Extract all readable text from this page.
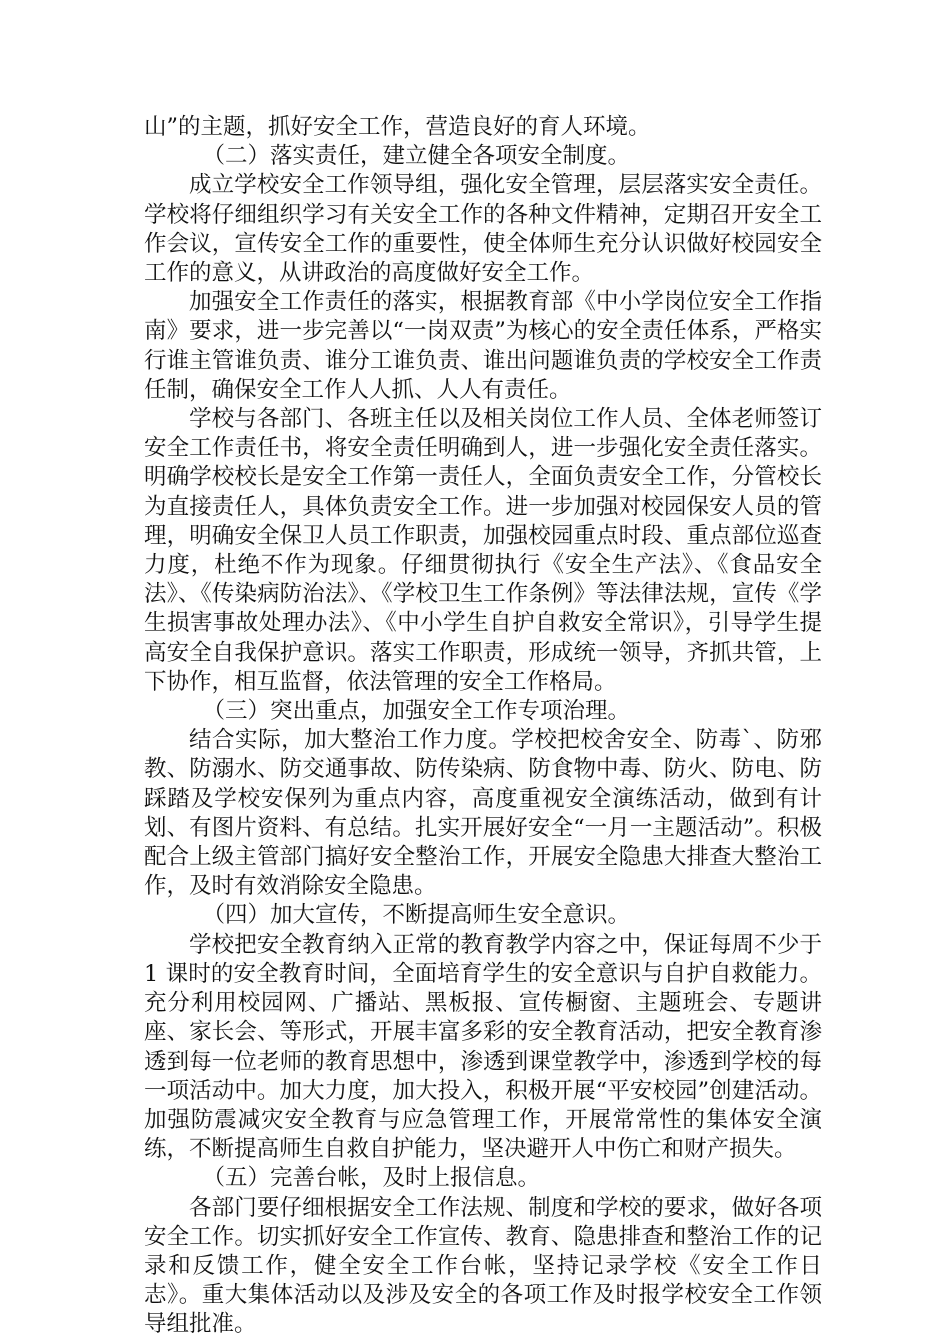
山”的主题，抓好安全工作，营造良好的育人环境。

（二）落实责任，建立健全各项安全制度。

成立学校安全工作领导组，强化安全管理，层层落实安全责任。学校将仔细组织学习有关安全工作的各种文件精神，定期召开安全工作会议，宣传安全工作的重要性，使全体师生充分认识做好校园安全工作的意义，从讲政治的高度做好安全工作。

加强安全工作责任的落实，根据教育部《中小学岗位安全工作指南》要求，进一步完善以“一岗双责”为核心的安全责任体系，严格实行谁主管谁负责、谁分工谁负责、谁出问题谁负责的学校安全工作责任制，确保安全工作人人抓、人人有责任。

学校与各部门、各班主任以及相关岗位工作人员、全体老师签订安全工作责任书，将安全责任明确到人，进一步强化安全责任落实。明确学校校长是安全工作第一责任人，全面负责安全工作，分管校长为直接责任人，具体负责安全工作。进一步加强对校园保安人员的管理，明确安全保卫人员工作职责，加强校园重点时段、重点部位巡查力度，杜绝不作为现象。仔细贯彻执行《安全生产法》、《食品安全法》、《传染病防治法》、《学校卫生工作条例》等法律法规，宣传《学生损害事故处理办法》、《中小学生自护自救安全常识》，引导学生提高安全自我保护意识。落实工作职责，形成统一领导，齐抓共管，上下协作，相互监督，依法管理的安全工作格局。

（三）突出重点，加强安全工作专项治理。

结合实际，加大整治工作力度。学校把校舍安全、防毒`、防邪教、防溺水、防交通事故、防传染病、防食物中毒、防火、防电、防踩踏及学校安保列为重点内容，高度重视安全演练活动，做到有计划、有图片资料、有总结。扎实开展好安全“一月一主题活动”。积极配合上级主管部门搞好安全整治工作，开展安全隐患大排查大整治工作，及时有效消除安全隐患。

（四）加大宣传，不断提高师生安全意识。

学校把安全教育纳入正常的教育教学内容之中，保证每周不少于1 课时的安全教育时间，全面培育学生的安全意识与自护自救能力。充分利用校园网、广播站、黑板报、宣传橱窗、主题班会、专题讲座、家长会、等形式，开展丰富多彩的安全教育活动，把安全教育渗透到每一位老师的教育思想中，渗透到课堂教学中，渗透到学校的每一项活动中。加大力度，加大投入，积极开展“平安校园”创建活动。加强防震减灾安全教育与应急管理工作，开展常常性的集体安全演练，不断提高师生自救自护能力，坚决避开人中伤亡和财产损失。

（五）完善台帐，及时上报信息。

各部门要仔细根据安全工作法规、制度和学校的要求，做好各项安全工作。切实抓好安全工作宣传、教育、隐患排查和整治工作的记录和反馈工作，健全安全工作台帐，坚持记录学校《安全工作日志》。重大集体活动以及涉及安全的各项工作及时报学校安全工作领导组批准。
